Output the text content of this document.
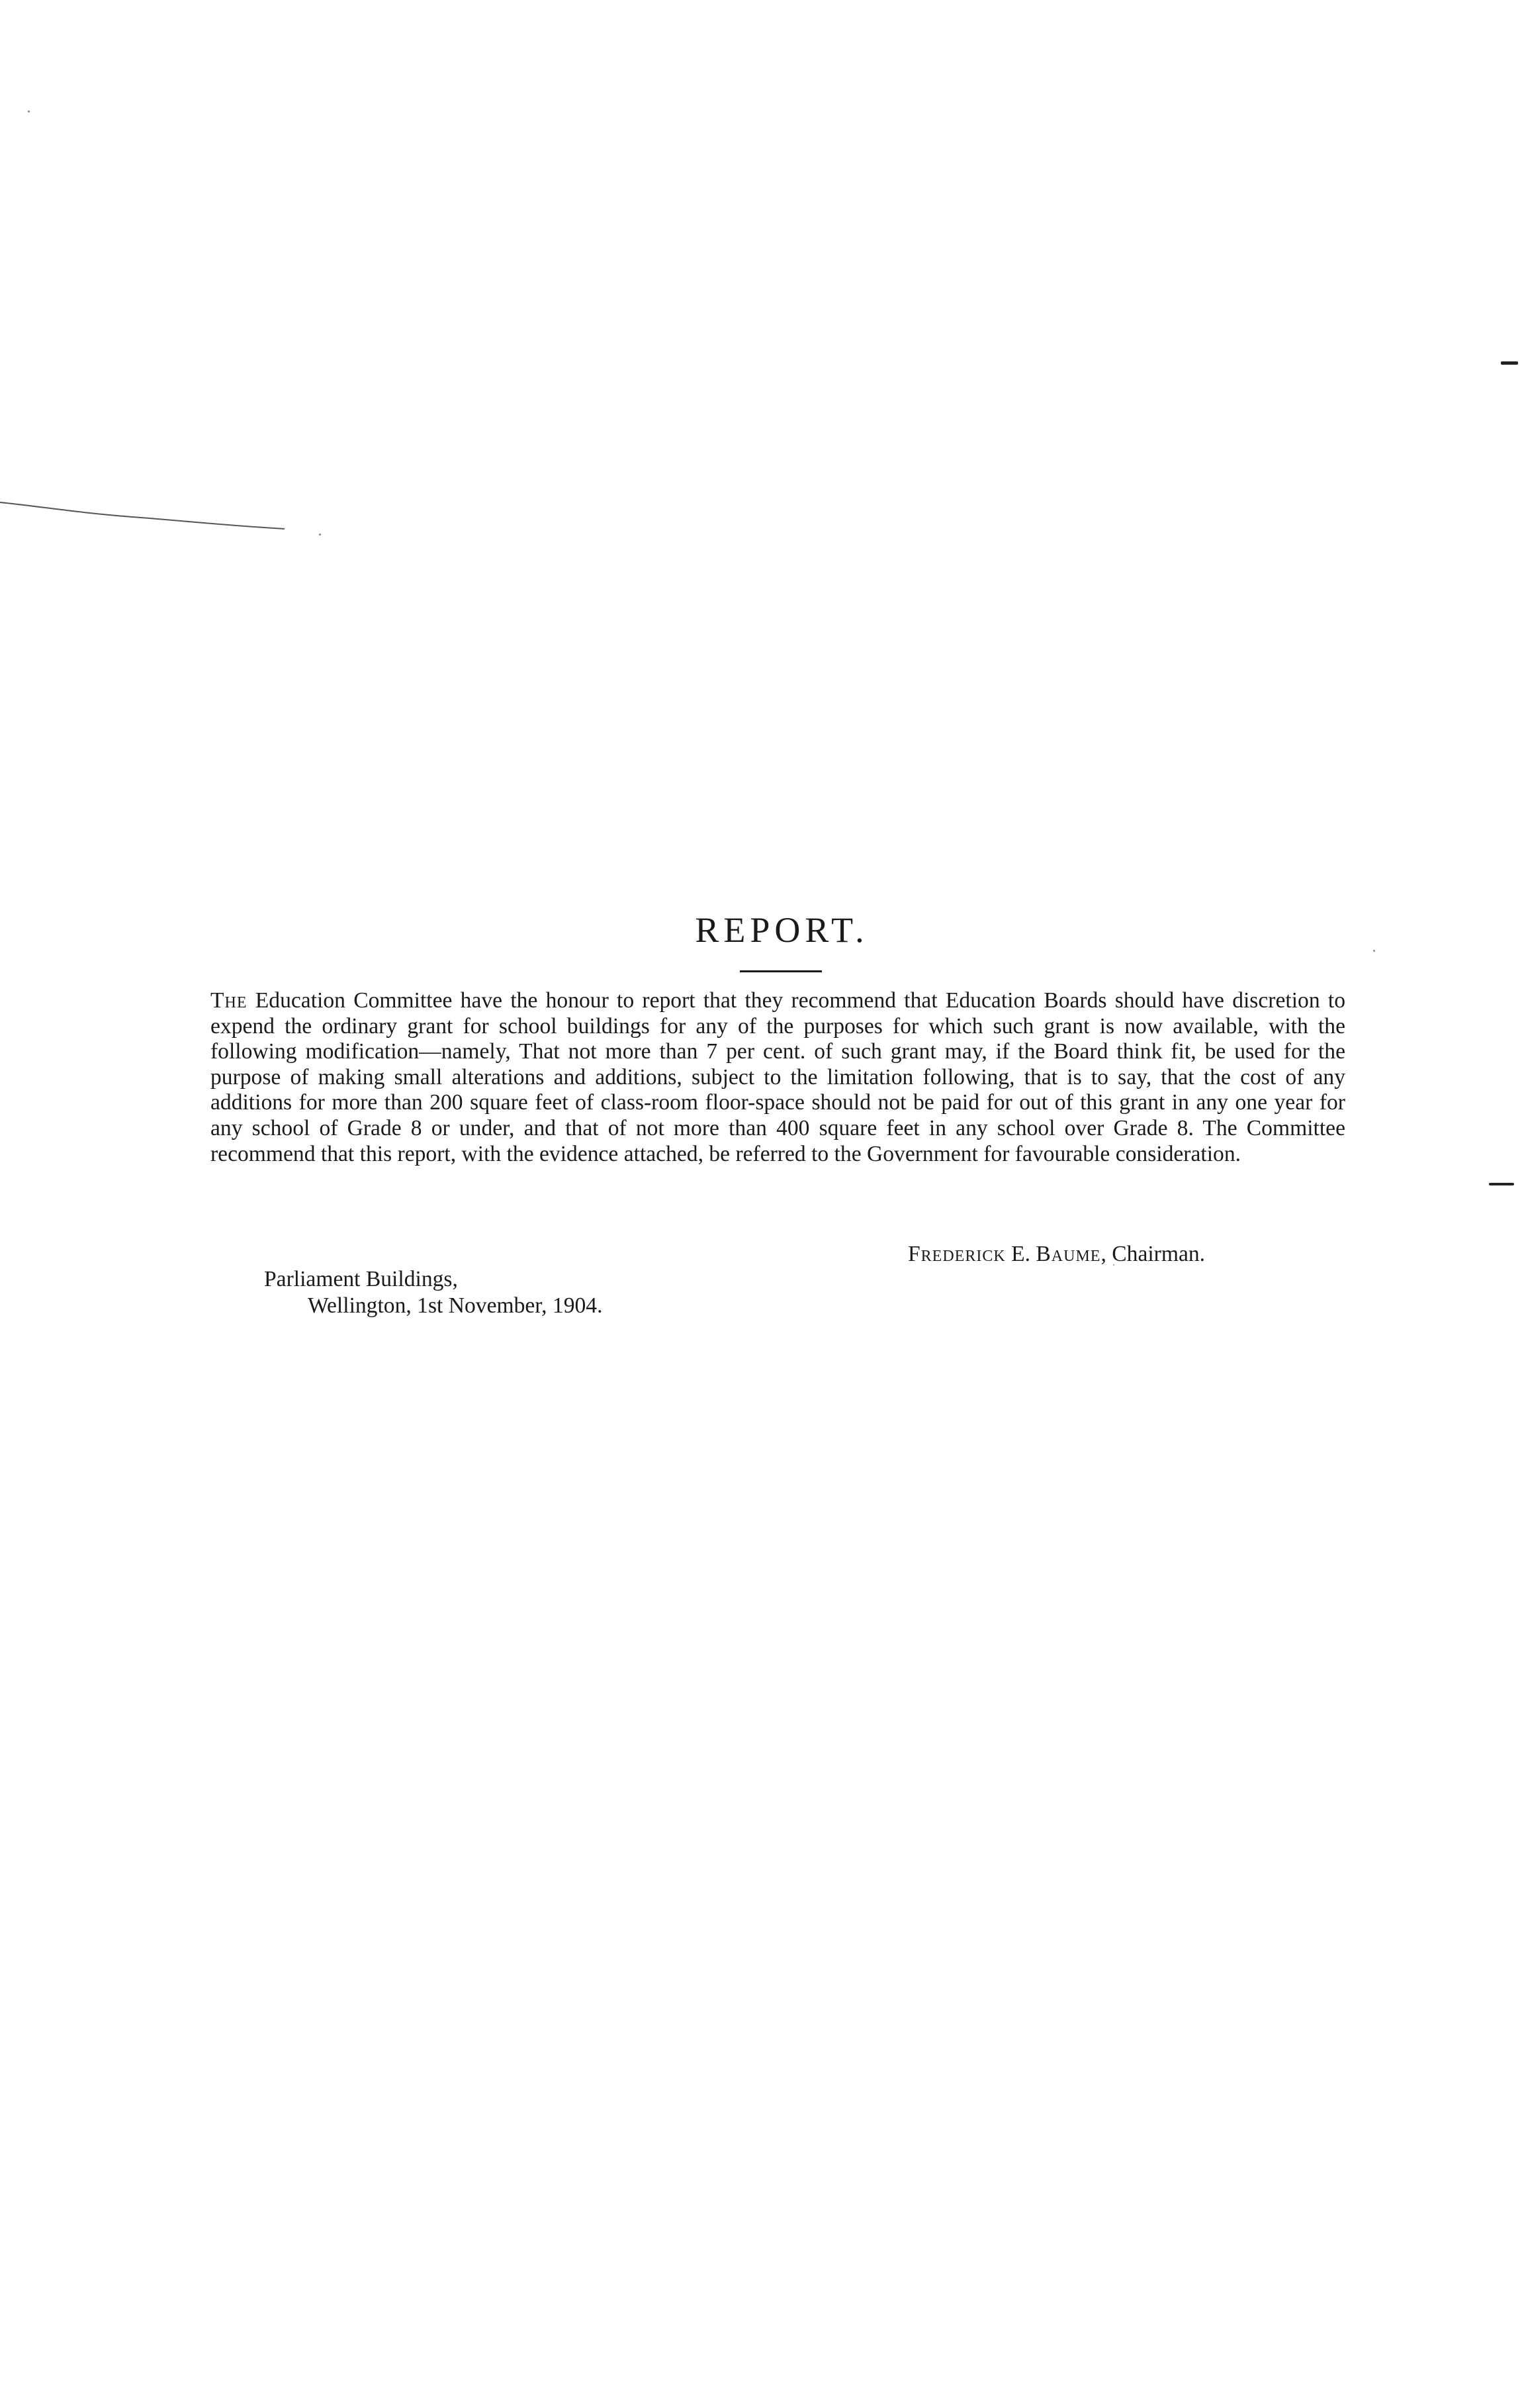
REPORT.

The Education Committee have the honour to report that they recommend that Education Boards should have discretion to expend the ordinary grant for school buildings for any of the purposes for which such grant is now available, with the following modification—namely, That not more than 7 per cent. of such grant may, if the Board think fit, be used for the purpose of making small alterations and additions, subject to the limitation following, that is to say, that the cost of any additions for more than 200 square feet of class-room floor-space should not be paid for out of this grant in any one year for any school of Grade 8 or under, and that of not more than 400 square feet in any school over Grade 8. The Committee recommend that this report, with the evidence attached, be referred to the Government for favourable consideration.

Frederick E. Baume, Chairman.
Parliament Buildings,
Wellington, 1st November, 1904.
